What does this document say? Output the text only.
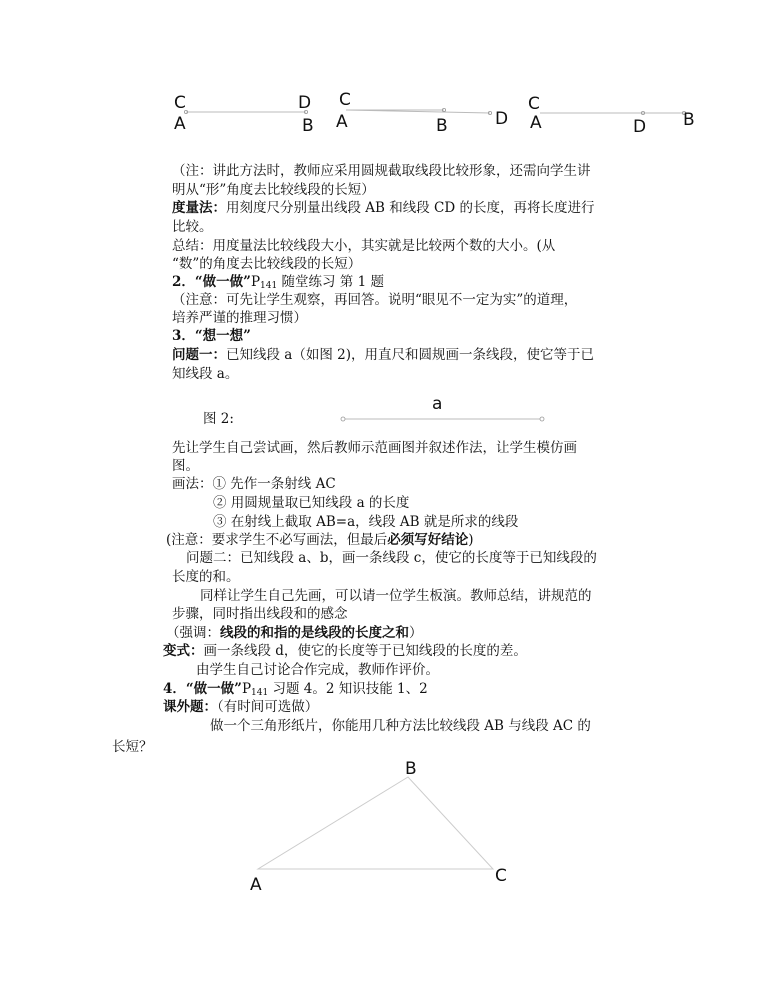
C	D
A	B
C
A	B	D
C
A	D B
a
B
A	C
（注：讲此方法时，教师应采用圆规截取线段比较形象，还需向学生讲
明从“形”角度去比较线段的长短）
度量法：用刻度尺分别量出线段 AB 和线段 CD 的长度，再将长度进行
比较。
总结：用度量法比较线段大小，其实就是比较两个数的大小。(从
“数”的角度去比较线段的长短）
2．“做一做$”P_{141}$ 随堂练习 第 1 题
（注意：可先让学生观察，再回答。说明“眼见不一定为实”的道理，
培养严谨的推理习惯）
3．“想一想”
问题一：已知线段 a（如图 2)，用直尺和圆规画一条线段，使它等于已
知线段 a。
图 2:
先让学生自己尝试画，然后教师示范画图并叙述作法，让学生模仿画
图。
画法：① 先作一条射线 AC
② 用圆规量取已知线段 a 的长度
③ 在射线上截取 AB=a，线段 AB 就是所求的线段
(注意：要求学生不必写画法，但最后必须写好结论)
问题二：已知线段 a、b，画一条线段 c，使它的长度等于已知线段的
长度的和。
同样让学生自己先画，可以请一位学生板演。教师总结，讲规范的
步骤，同时指出线段和的感念
（强调：线段的和指的是线段的长度之和）
变式：画一条线段 d，使它的长度等于已知线段的长度的差。
由学生自己讨论合作完成，教师作评价。
4．“做一做$”P_{141}$ 习题 4。2 知识技能 1、2
课外题：（有时间可选做）
做一个三角形纸片，你能用几种方法比较线段 AB 与线段 AC 的
长短？
